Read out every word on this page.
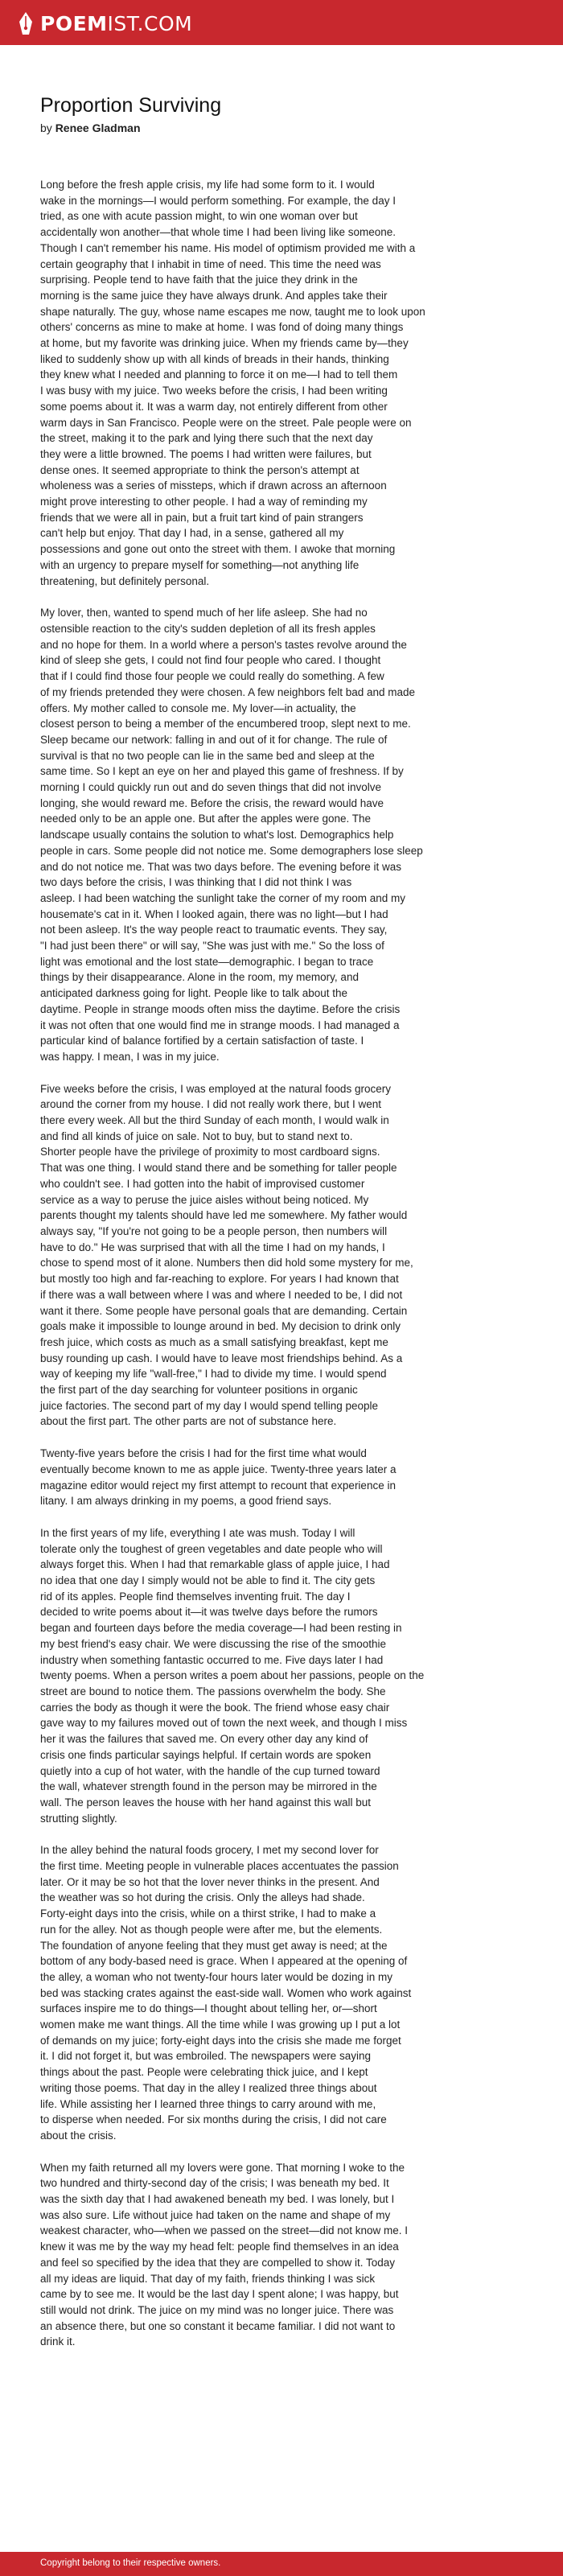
POEMIST.COM
Proportion Surviving
by Renee Gladman

Long before the fresh apple crisis, my life had some form to it. I would
wake in the mornings—I would perform something. For example, the day I
tried, as one with acute passion might, to win one woman over but
accidentally won another—that whole time I had been living like someone.
Though I can't remember his name. His model of optimism provided me with a
certain geography that I inhabit in time of need. This time the need was
surprising. People tend to have faith that the juice they drink in the
morning is the same juice they have always drunk. And apples take their
shape naturally. The guy, whose name escapes me now, taught me to look upon
others' concerns as mine to make at home. I was fond of doing many things
at home, but my favorite was drinking juice. When my friends came by—they
liked to suddenly show up with all kinds of breads in their hands, thinking
they knew what I needed and planning to force it on me—I had to tell them
I was busy with my juice. Two weeks before the crisis, I had been writing
some poems about it. It was a warm day, not entirely different from other
warm days in San Francisco. People were on the street. Pale people were on
the street, making it to the park and lying there such that the next day
they were a little browned. The poems I had written were failures, but
dense ones. It seemed appropriate to think the person's attempt at
wholeness was a series of missteps, which if drawn across an afternoon
might prove interesting to other people. I had a way of reminding my
friends that we were all in pain, but a fruit tart kind of pain strangers
can't help but enjoy. That day I had, in a sense, gathered all my
possessions and gone out onto the street with them. I awoke that morning
with an urgency to prepare myself for something—not anything life
threatening, but definitely personal.

My lover, then, wanted to spend much of her life asleep. She had no
ostensible reaction to the city's sudden depletion of all its fresh apples
and no hope for them. In a world where a person's tastes revolve around the
kind of sleep she gets, I could not find four people who cared. I thought
that if I could find those four people we could really do something. A few
of my friends pretended they were chosen. A few neighbors felt bad and made
offers. My mother called to console me. My lover—in actuality, the
closest person to being a member of the encumbered troop, slept next to me.
Sleep became our network: falling in and out of it for change. The rule of
survival is that no two people can lie in the same bed and sleep at the
same time. So I kept an eye on her and played this game of freshness. If by
morning I could quickly run out and do seven things that did not involve
longing, she would reward me. Before the crisis, the reward would have
needed only to be an apple one. But after the apples were gone. The
landscape usually contains the solution to what's lost. Demographics help
people in cars. Some people did not notice me. Some demographers lose sleep
and do not notice me. That was two days before. The evening before it was
two days before the crisis, I was thinking that I did not think I was
asleep. I had been watching the sunlight take the corner of my room and my
housemate's cat in it. When I looked again, there was no light—but I had
not been asleep. It's the way people react to traumatic events. They say,
"I had just been there" or will say, "She was just with me." So the loss of
light was emotional and the lost state—demographic. I began to trace
things by their disappearance. Alone in the room, my memory, and
anticipated darkness going for light. People like to talk about the
daytime. People in strange moods often miss the daytime. Before the crisis
it was not often that one would find me in strange moods. I had managed a
particular kind of balance fortified by a certain satisfaction of taste. I
was happy. I mean, I was in my juice.

Five weeks before the crisis, I was employed at the natural foods grocery
around the corner from my house. I did not really work there, but I went
there every week. All but the third Sunday of each month, I would walk in
and find all kinds of juice on sale. Not to buy, but to stand next to.
Shorter people have the privilege of proximity to most cardboard signs.
That was one thing. I would stand there and be something for taller people
who couldn't see. I had gotten into the habit of improvised customer
service as a way to peruse the juice aisles without being noticed. My
parents thought my talents should have led me somewhere. My father would
always say, "If you're not going to be a people person, then numbers will
have to do." He was surprised that with all the time I had on my hands, I
chose to spend most of it alone. Numbers then did hold some mystery for me,
but mostly too high and far-reaching to explore. For years I had known that
if there was a wall between where I was and where I needed to be, I did not
want it there. Some people have personal goals that are demanding. Certain
goals make it impossible to lounge around in bed. My decision to drink only
fresh juice, which costs as much as a small satisfying breakfast, kept me
busy rounding up cash. I would have to leave most friendships behind. As a
way of keeping my life "wall-free," I had to divide my time. I would spend
the first part of the day searching for volunteer positions in organic
juice factories. The second part of my day I would spend telling people
about the first part. The other parts are not of substance here.

Twenty-five years before the crisis I had for the first time what would
eventually become known to me as apple juice. Twenty-three years later a
magazine editor would reject my first attempt to recount that experience in
litany. I am always drinking in my poems, a good friend says.

In the first years of my life, everything I ate was mush. Today I will
tolerate only the toughest of green vegetables and date people who will
always forget this. When I had that remarkable glass of apple juice, I had
no idea that one day I simply would not be able to find it. The city gets
rid of its apples. People find themselves inventing fruit. The day I
decided to write poems about it—it was twelve days before the rumors
began and fourteen days before the media coverage—I had been resting in
my best friend's easy chair. We were discussing the rise of the smoothie
industry when something fantastic occurred to me. Five days later I had
twenty poems. When a person writes a poem about her passions, people on the
street are bound to notice them. The passions overwhelm the body. She
carries the body as though it were the book. The friend whose easy chair
gave way to my failures moved out of town the next week, and though I miss
her it was the failures that saved me. On every other day any kind of
crisis one finds particular sayings helpful. If certain words are spoken
quietly into a cup of hot water, with the handle of the cup turned toward
the wall, whatever strength found in the person may be mirrored in the
wall. The person leaves the house with her hand against this wall but
strutting slightly.

In the alley behind the natural foods grocery, I met my second lover for
the first time. Meeting people in vulnerable places accentuates the passion
later. Or it may be so hot that the lover never thinks in the present. And
the weather was so hot during the crisis. Only the alleys had shade.
Forty-eight days into the crisis, while on a thirst strike, I had to make a
run for the alley. Not as though people were after me, but the elements.
The foundation of anyone feeling that they must get away is need; at the
bottom of any body-based need is grace. When I appeared at the opening of
the alley, a woman who not twenty-four hours later would be dozing in my
bed was stacking crates against the east-side wall. Women who work against
surfaces inspire me to do things—I thought about telling her, or—short
women make me want things. All the time while I was growing up I put a lot
of demands on my juice; forty-eight days into the crisis she made me forget
it. I did not forget it, but was embroiled. The newspapers were saying
things about the past. People were celebrating thick juice, and I kept
writing those poems. That day in the alley I realized three things about
life. While assisting her I learned three things to carry around with me,
to disperse when needed. For six months during the crisis, I did not care
about the crisis.

When my faith returned all my lovers were gone. That morning I woke to the
two hundred and thirty-second day of the crisis; I was beneath my bed. It
was the sixth day that I had awakened beneath my bed. I was lonely, but I
was also sure. Life without juice had taken on the name and shape of my
weakest character, who—when we passed on the street—did not know me. I
knew it was me by the way my head felt: people find themselves in an idea
and feel so specified by the idea that they are compelled to show it. Today
all my ideas are liquid. That day of my faith, friends thinking I was sick
came by to see me. It would be the last day I spent alone; I was happy, but
still would not drink. The juice on my mind was no longer juice. There was
an absence there, but one so constant it became familiar. I did not want to
drink it.

Copyright belong to their respective owners.
